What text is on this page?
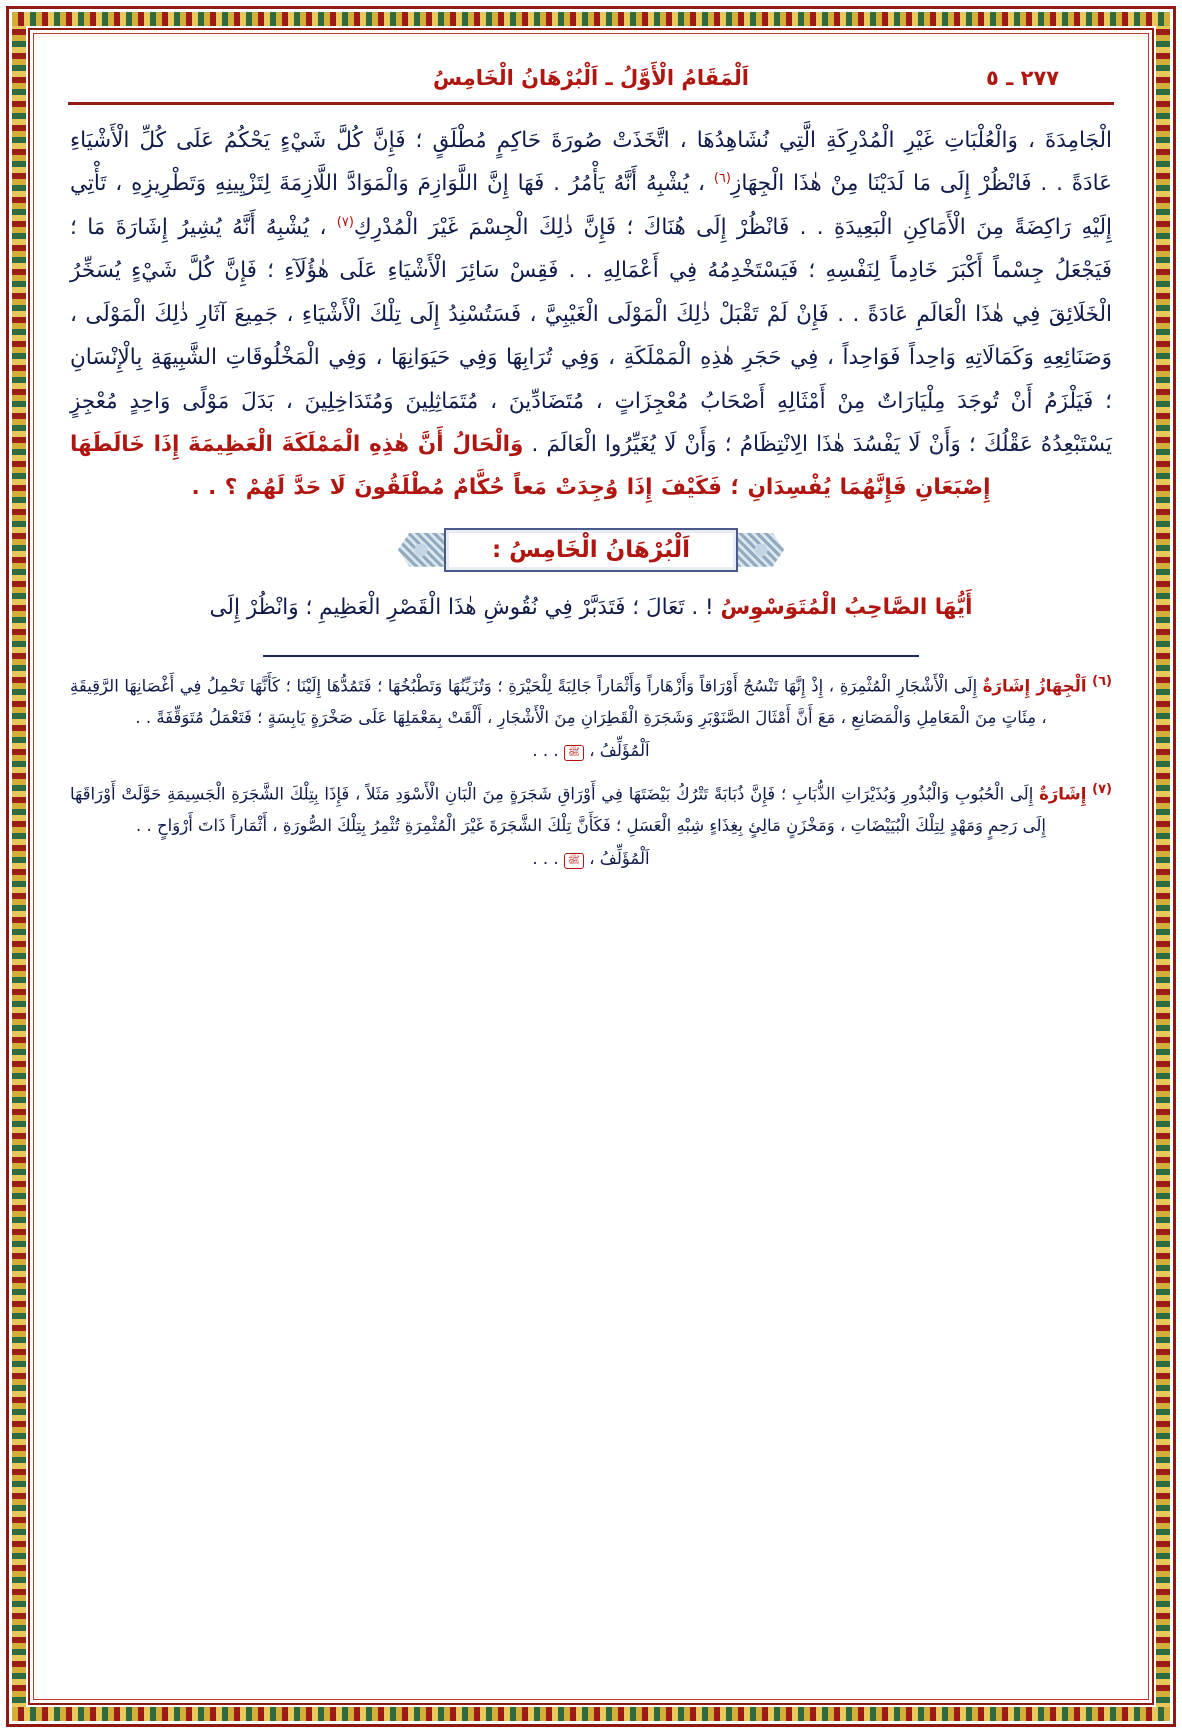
٢٧٧ ـ ٥
اَلْمَقَامُ الْأَوَّلُ ـ اَلْبُرْهَانُ الْخَامِسُ

الْجَامِدَةَ ، وَالْعُلْبَاتِ غَيْرِ الْمُدْرِكَةِ الَّتِي نُشَاهِدُهَا ، اتَّخَذَتْ صُورَةَ حَاكِمٍ مُطْلَقٍ ؛ فَإِنَّ كُلَّ شَيْءٍ يَحْكُمُ عَلَى كُلِّ الْأَشْيَاءِ عَادَةً . . فَانْظُرْ إِلَى مَا لَدَيْنَا مِنْ هٰذَا الْجِهَازِ$^{(٦)}$ ، يُشْبِهُ أَنَّهُ يَأْمُرُ . فَهَا إِنَّ اللَّوَازِمَ وَالْمَوَادَّ اللَّازِمَةَ لِتَزْيِينِهِ وَتَطْرِيزِهِ ، تَأْتِي إِلَيْهِ رَاكِضَةً مِنَ الْأَمَاكِنِ الْبَعِيدَةِ . . فَانْظُرْ إِلَى هُنَاكَ ؛ فَإِنَّ ذٰلِكَ الْجِسْمَ غَيْرَ الْمُدْرِكِ$^{(٧)}$ ، يُشْبِهُ أَنَّهُ يُشِيرُ إِشَارَةَ مَا ؛ فَيَجْعَلُ جِسْماً أَكْبَرَ خَادِماً لِنَفْسِهِ ؛ فَيَسْتَخْدِمُهُ فِي أَعْمَالِهِ . . فَقِسْ سَائِرَ الْأَشْيَاءِ عَلَى هٰؤُلَآءِ ؛ فَإِنَّ كُلَّ شَيْءٍ يُسَخِّرُ الْخَلَائِقَ فِي هٰذَا الْعَالَمِ عَادَةً . . فَإِنْ لَمْ تَقْبَلْ ذٰلِكَ الْمَوْلَى الْغَيْبِيَّ ، فَسَتُسْنِدُ إِلَى تِلْكَ الْأَشْيَاءِ ، جَمِيعَ آثَارِ ذٰلِكَ الْمَوْلَى ، وَصَنَائِعِهِ وَكَمَالَاتِهِ وَاحِداً فَوَاحِداً ، فِي حَجَرِ هٰذِهِ الْمَمْلَكَةِ ، وَفِي تُرَابِهَا وَفِي حَيَوَانِهَا ، وَفِي الْمَخْلُوقَاتِ الشَّبِيهَةِ بِالْإِنْسَانِ ؛ فَيَلْزَمُ أَنْ تُوجَدَ مِلْيَارَاتٌ مِنْ أَمْثَالِهِ أَصْحَابُ مُعْجِزَاتٍ ، مُتَضَادِّينَ ، مُتَمَاثِلِينَ وَمُتَدَاخِلِينَ ، بَدَلَ مَوْلًى وَاحِدٍ مُعْجِزٍ يَسْتَبْعِدُهُ عَقْلُكَ ؛ وَأَنْ لَا يَفْسُدَ هٰذَا الِانْتِظَامُ ؛ وَأَنْ لَا يُغَيِّرُوا الْعَالَمَ . وَالْحَالُ أَنَّ هٰذِهِ الْمَمْلَكَةَ الْعَظِيمَةَ إِذَا خَالَطَهَا إِصْبَعَانِ فَإِنَّهُمَا يُفْسِدَانِ ؛ فَكَيْفَ إِذَا وُجِدَتْ مَعاً حُكَّامٌ مُطْلَقُونَ لَا حَدَّ لَهُمْ ؟ . .

اَلْبُرْهَانُ الْخَامِسُ :
أَيُّهَا الصَّاحِبُ الْمُتَوَسْوِسُ ! . تَعَالَ ؛ فَتَدَبَّرْ فِي نُقُوشِ هٰذَا الْقَصْرِ الْعَظِيمِ ؛ وَانْظُرْ إِلَى

$^{(٦)}$ اَلْجِهَازُ إِشَارَةٌ إِلَى الْأَشْجَارِ الْمُثْمِرَةِ ، إِذْ إِنَّهَا تَنْسُجُ أَوْرَاقاً وَأَزْهَاراً وَأَثْمَاراً جَالِبَةً لِلْحَيْرَةِ ؛ وَتُزَيِّنُهَا وَتَطْبُخُهَا ؛ فَتَمُدُّهَا إِلَيْنَا ؛ كَأَنَّهَا تَحْمِلُ فِي أَغْصَانِهَا الرَّقِيقَةِ ، مِئَاتٍ مِنَ الْمَعَامِلِ وَالْمَصَانِعِ ، مَعَ أَنَّ أَمْثَالَ الصَّنَوْبَرِ وَشَجَرَةِ الْقَطِرَانِ مِنَ الْأَشْجَارِ ، أَلْقَتْ بِمَعْمَلِهَا عَلَى صَخْرَةٍ يَابِسَةٍ ؛ فَتَعْمَلُ مُتَوَقِّفَةً . .
اَلْمُؤَلِّفُ ، ﷺ . . .

$^{(٧)}$ إِشَارَةٌ إِلَى الْحُبُوبِ وَالْبُذُورِ وَبُذَيْرَاتِ الذُّبَابِ ؛ فَإِنَّ ذُبَابَةً تَتْرُكُ بَيْضَتَهَا فِي أَوْرَاقِ شَجَرَةٍ مِنَ الْبَانِ الْأَسْوَدِ مَثَلاً ، فَإِذَا بِتِلْكَ الشَّجَرَةِ الْجَسِيمَةِ حَوَّلَتْ أَوْرَاقَهَا إِلَى رَحِمٍ وَمَهْدٍ لِتِلْكَ الْبُيَيْضَاتِ ، وَمَخْزَنٍ مَالِئٍ بِغِذَاءٍ شِبْهِ الْعَسَلِ ؛ فَكَأَنَّ تِلْكَ الشَّجَرَةَ غَيْرَ الْمُثْمِرَةِ تُثْمِرُ بِتِلْكَ الصُّورَةِ ، أَثْمَاراً ذَاتَ أَرْوَاحٍ . .
اَلْمُؤَلِّفُ ، ﷺ . . .
